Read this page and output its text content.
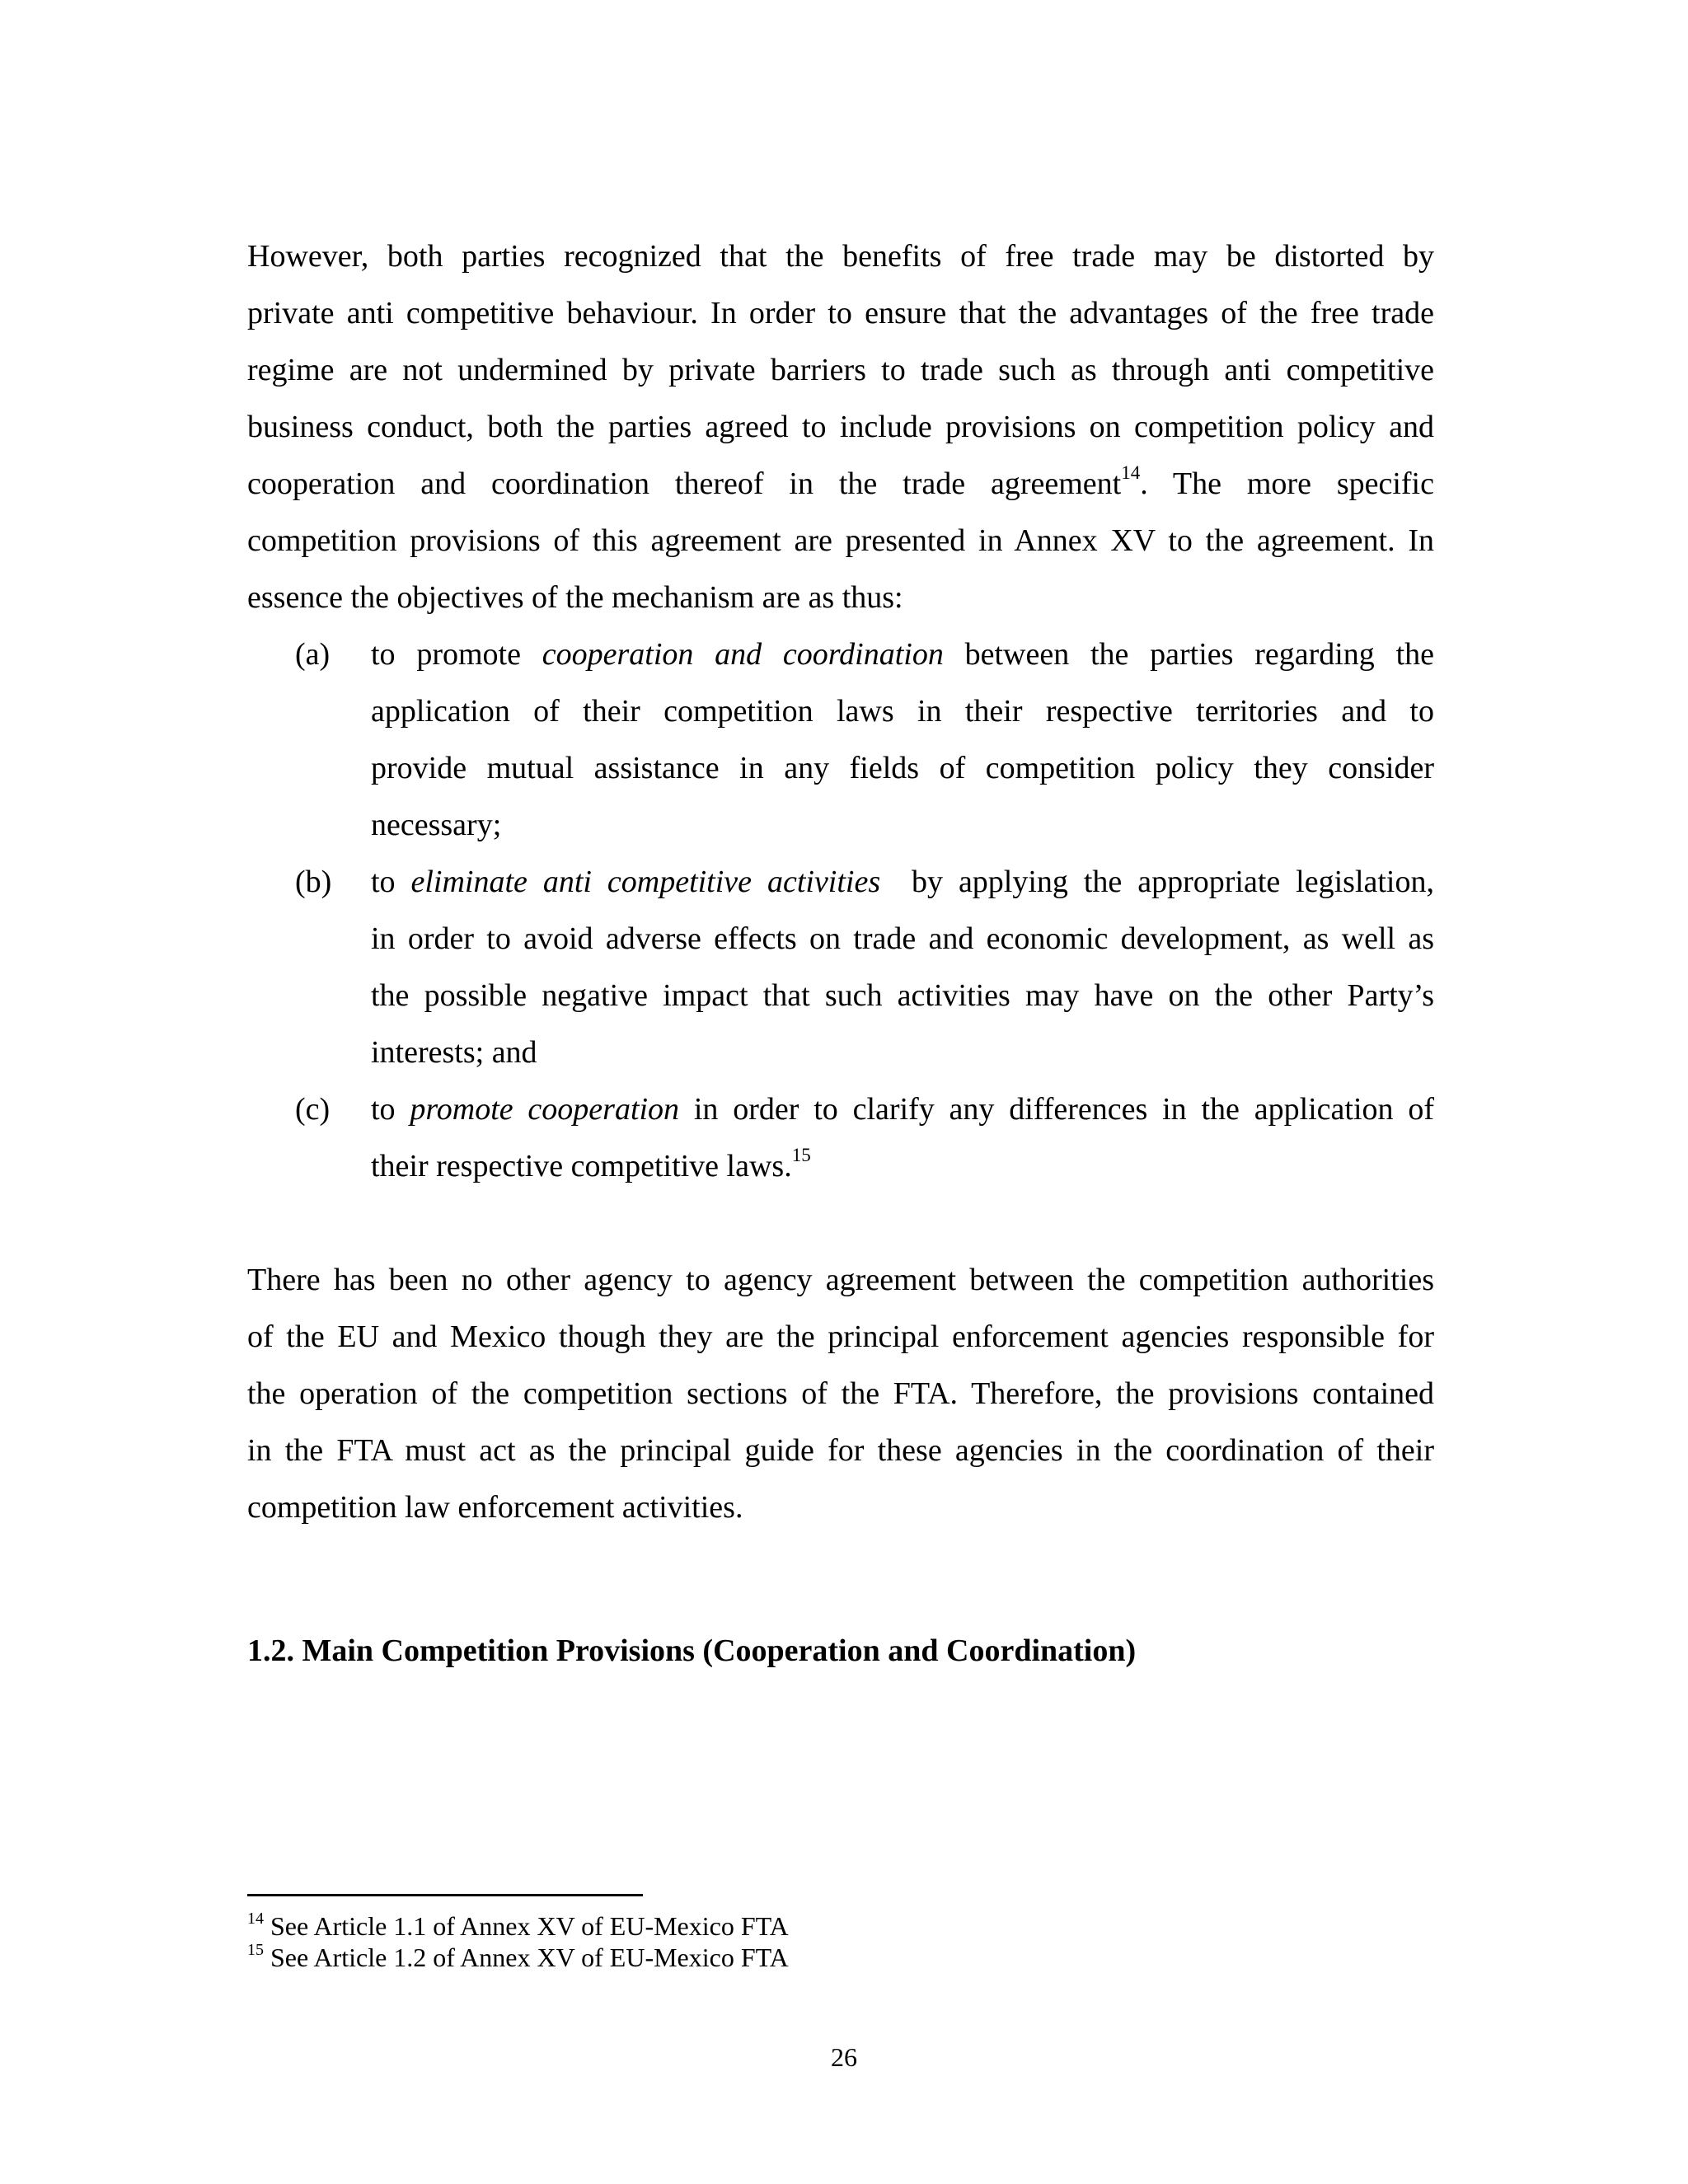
However, both parties recognized that the benefits of free trade may be distorted by
private anti competitive behaviour. In order to ensure that the advantages of the free trade
regime are not undermined by private barriers to trade such as through anti competitive
business conduct, both the parties agreed to include provisions on competition policy and
cooperation and coordination thereof in the trade agreement$^{14}$. The more specific
competition provisions of this agreement are presented in Annex XV to the agreement. In
essence the objectives of the mechanism are as thus:
(a) to promote cooperation and coordination between the parties regarding the
application of their competition laws in their respective territories and to
provide mutual assistance in any fields of competition policy they consider
necessary;
(b) to eliminate anti competitive activities  by applying the appropriate legislation,
in order to avoid adverse effects on trade and economic development, as well as
the possible negative impact that such activities may have on the other Party’s
interests; and
(c) to promote cooperation in order to clarify any differences in the application of
their respective competitive laws.$^{15}$
There has been no other agency to agency agreement between the competition authorities
of the EU and Mexico though they are the principal enforcement agencies responsible for
the operation of the competition sections of the FTA. Therefore, the provisions contained
in the FTA must act as the principal guide for these agencies in the coordination of their
competition law enforcement activities.
1.2. Main Competition Provisions (Cooperation and Coordination)
$^{14}$ See Article 1.1 of Annex XV of EU-Mexico FTA
$^{15}$ See Article 1.2 of Annex XV of EU-Mexico FTA
26
